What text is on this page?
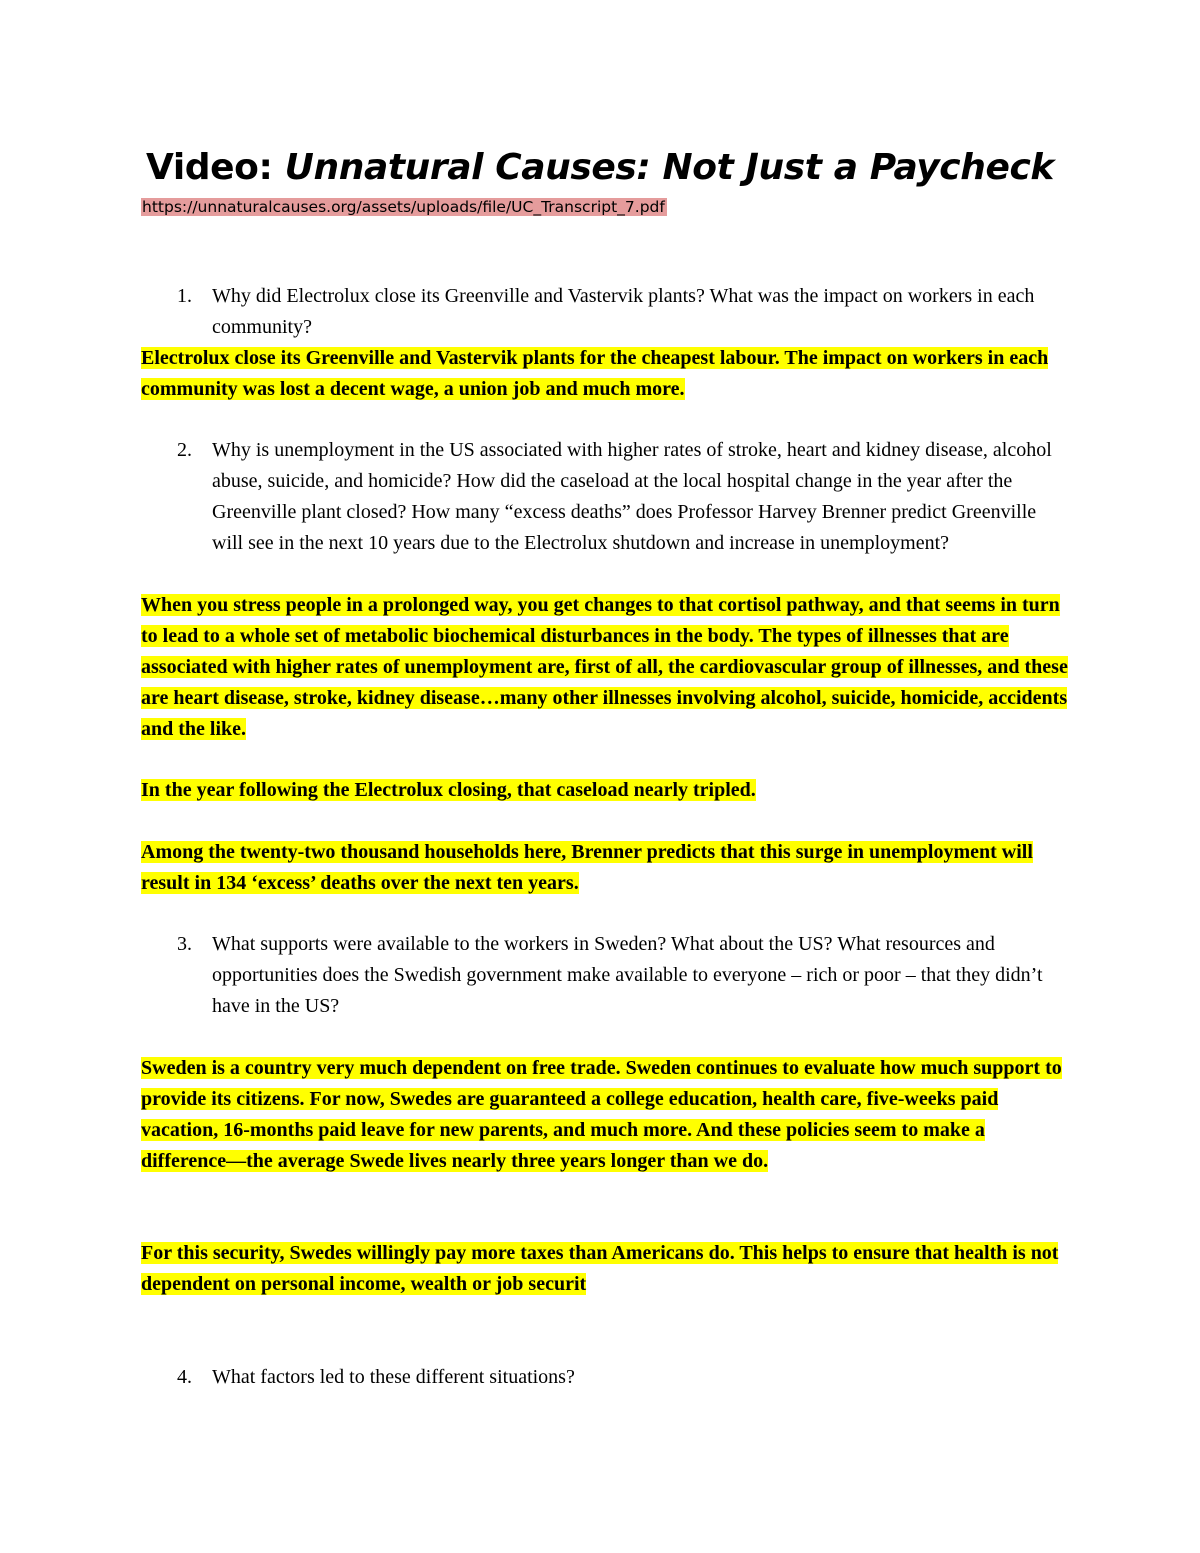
Video: Unnatural Causes: Not Just a Paycheck
https://unnaturalcauses.org/assets/uploads/file/UC_Transcript_7.pdf
1. Why did Electrolux close its Greenville and Vastervik plants? What was the impact on workers in each community?
Electrolux close its Greenville and Vastervik plants for the cheapest labour. The impact on workers in each community was lost a decent wage, a union job and much more.
2. Why is unemployment in the US associated with higher rates of stroke, heart and kidney disease, alcohol abuse, suicide, and homicide? How did the caseload at the local hospital change in the year after the Greenville plant closed? How many “excess deaths” does Professor Harvey Brenner predict Greenville will see in the next 10 years due to the Electrolux shutdown and increase in unemployment?
When you stress people in a prolonged way, you get changes to that cortisol pathway, and that seems in turn to lead to a whole set of metabolic biochemical disturbances in the body. The types of illnesses that are associated with higher rates of unemployment are, first of all, the cardiovascular group of illnesses, and these are heart disease, stroke, kidney disease…many other illnesses involving alcohol, suicide, homicide, accidents and the like.
In the year following the Electrolux closing, that caseload nearly tripled.
Among the twenty-two thousand households here, Brenner predicts that this surge in unemployment will result in 134 ‘excess’ deaths over the next ten years.
3. What supports were available to the workers in Sweden? What about the US? What resources and opportunities does the Swedish government make available to everyone – rich or poor – that they didn’t have in the US?
Sweden is a country very much dependent on free trade. Sweden continues to evaluate how much support to provide its citizens. For now, Swedes are guaranteed a college education, health care, five-weeks paid vacation, 16-months paid leave for new parents, and much more. And these policies seem to make a difference—the average Swede lives nearly three years longer than we do.
For this security, Swedes willingly pay more taxes than Americans do. This helps to ensure that health is not dependent on personal income, wealth or job securit
4. What factors led to these different situations?
